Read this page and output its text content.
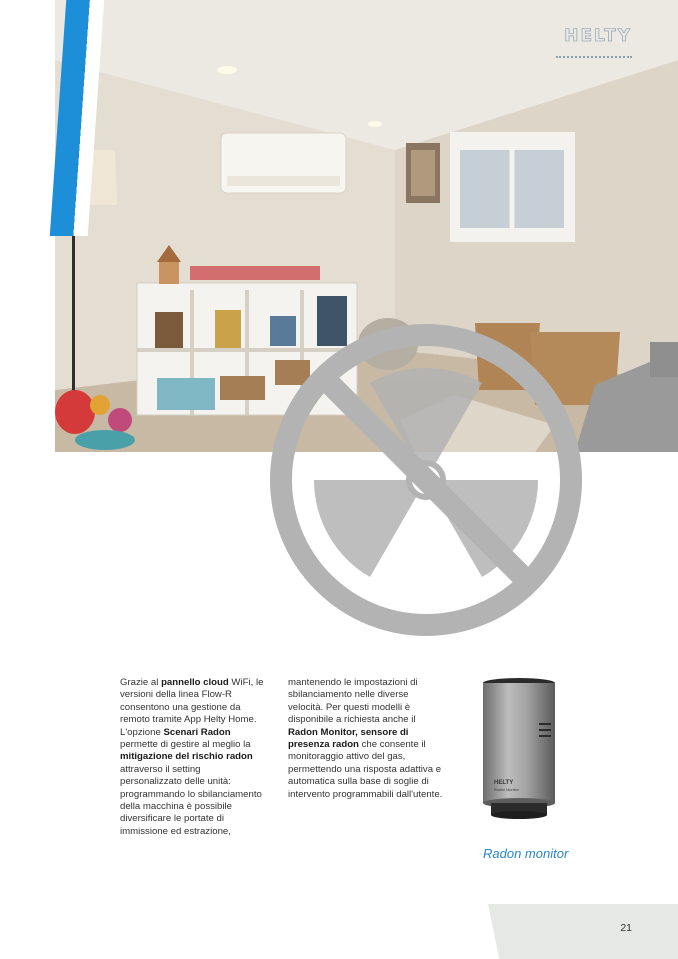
HELTY

Grazie al pannello cloud WiFi, le versioni della linea Flow-R consentono una gestione da remoto tramite App Helty Home. L'opzione Scenari Radon permette di gestire al meglio la mitigazione del rischio radon attraverso il setting personalizzato delle unità: programmando lo sbilanciamento della macchina è possibile diversificare le portate di immissione ed estrazione,

mantenendo le impostazioni di sbilanciamento nelle diverse velocità. Per questi modelli è disponibile a richiesta anche il Radon Monitor, sensore di presenza radon che consente il monitoraggio attivo del gas, permettendo una risposta adattiva e automatica sulla base di soglie di intervento programmabili dall'utente.

HELTY
Radon Monitor
Radon monitor
21
